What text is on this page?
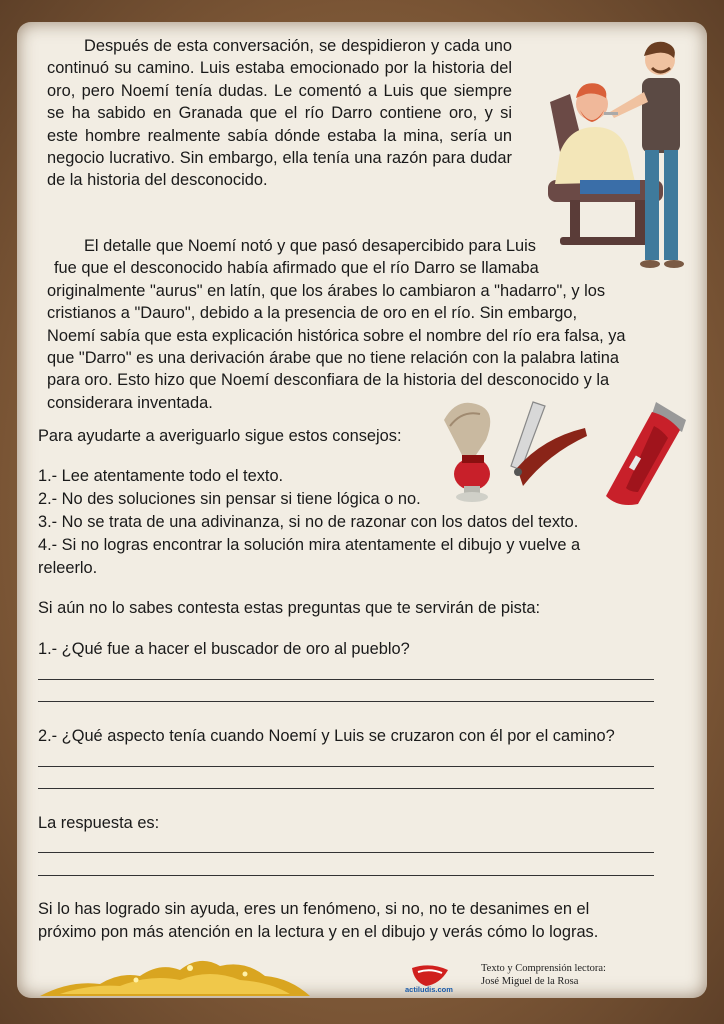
Después de esta conversación, se despidieron y cada uno continuó su camino. Luis estaba emocionado por la historia del oro, pero Noemí tenía dudas. Le comentó a Luis que siempre se ha sabido en Granada que el río Darro contiene oro, y si este hombre realmente sabía dónde estaba la mina, sería un negocio lucrativo. Sin embargo, ella tenía una razón para dudar de la historia del desconocido.
El detalle que Noemí notó y que pasó desapercibido para Luis
fue que el desconocido había afirmado que el río Darro se llamaba
originalmente "aurus" en latín, que los árabes lo cambiaron a "hadarro", y los
cristianos a "Dauro", debido a la presencia de oro en el río. Sin embargo,
Noemí sabía que esta explicación histórica sobre el nombre del río era falsa, ya
que "Darro" es una derivación árabe que no tiene relación con la palabra latina
para oro. Esto hizo que Noemí desconfiara de la historia del desconocido y la
considerara inventada.
Para ayudarte a averiguarlo sigue estos consejos:
1.- Lee atentamente todo el texto.
2.- No des soluciones sin pensar si tiene lógica o no.
3.- No se trata de una adivinanza, si no de razonar con los datos del texto.
4.- Si no logras encontrar la solución mira atentamente el dibujo y vuelve a
releerlo.
Si aún no lo sabes contesta estas preguntas que te servirán de pista:
1.- ¿Qué fue a hacer el buscador de oro al pueblo?
2.- ¿Qué aspecto tenía cuando Noemí y Luis se cruzaron con él por el camino?
La respuesta es:
Si lo has logrado sin ayuda, eres un fenómeno, si no, no te desanimes en el
próximo pon más atención en la lectura y en el dibujo y verás cómo lo logras.
actiludis.com
Texto y Comprensión lectora:
José Miguel de la Rosa
